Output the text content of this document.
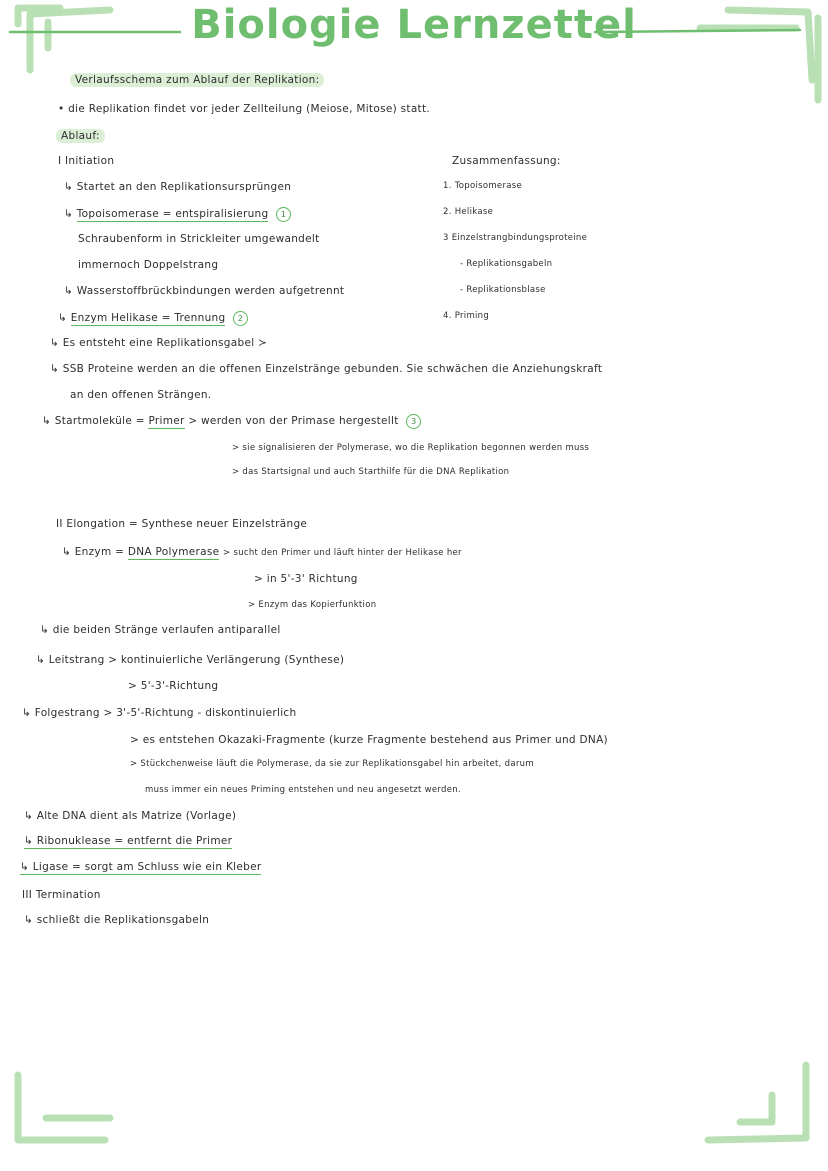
Biologie Lernzettel
Verlaufsschema zum Ablauf der Replikation:
• die Replikation findet vor jeder Zellteilung (Meiose, Mitose) statt.
Ablauf:
I Initiation
↳ Startet an den Replikationsursprüngen
↳ Topoisomerase = entspiralisierung 1
Schraubenform in Strickleiter umgewandelt
immernoch Doppelstrang
↳ Wasserstoffbrückbindungen werden aufgetrennt
↳ Enzym Helikase = Trennung 2
↳ Es entsteht eine Replikationsgabel ≻
↳ SSB Proteine werden an die offenen Einzelstränge gebunden. Sie schwächen die Anziehungskraft
an den offenen Strängen.
↳ Startmoleküle = Primer > werden von der Primase hergestellt 3
> sie signalisieren der Polymerase, wo die Replikation begonnen werden muss
> das Startsignal und auch Starthilfe für die DNA Replikation
Zusammenfassung:
1. Topoisomerase
2. Helikase
3 Einzelstrangbindungsproteine
- Replikationsgabeln
- Replikationsblase
4. Priming
II Elongation = Synthese neuer Einzelstränge
↳ Enzym = DNA Polymerase > sucht den Primer und läuft hinter der Helikase her
> in 5'-3' Richtung
> Enzym das Kopierfunktion
↳ die beiden Stränge verlaufen antiparallel
↳ Leitstrang > kontinuierliche Verlängerung (Synthese)
> 5'-3'-Richtung
↳ Folgestrang > 3'-5'-Richtung - diskontinuierlich
> es entstehen Okazaki-Fragmente (kurze Fragmente bestehend aus Primer und DNA)
> Stückchenweise läuft die Polymerase, da sie zur Replikationsgabel hin arbeitet, darum
muss immer ein neues Priming entstehen und neu angesetzt werden.
↳ Alte DNA dient als Matrize (Vorlage)
↳ Ribonuklease = entfernt die Primer
↳ Ligase = sorgt am Schluss wie ein Kleber
III Termination
↳ schließt die Replikationsgabeln
